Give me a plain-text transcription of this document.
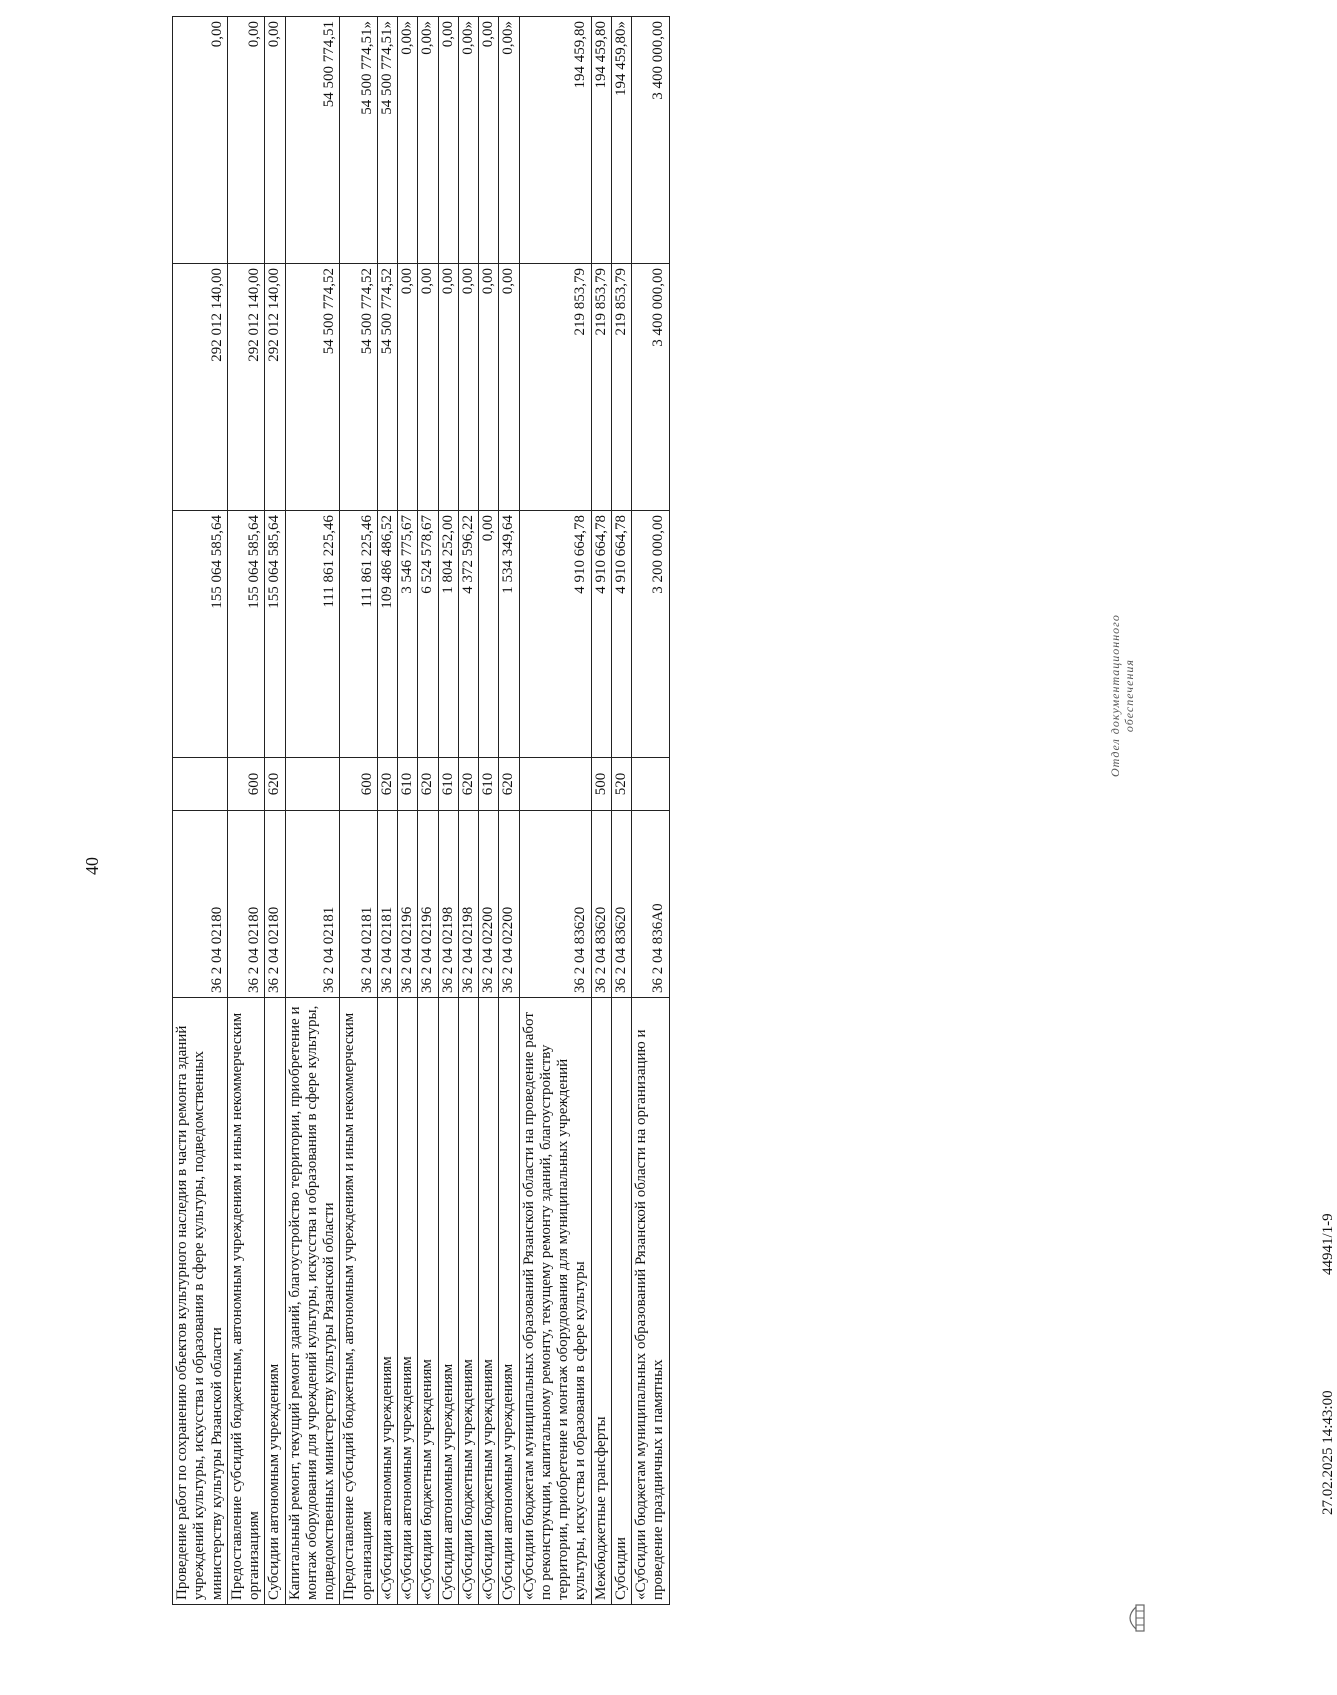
40
Проведение работ по сохранению объектов культурного наследия в части ремонта зданий учреждений культуры, искусства и образования в сфере культуры, подведомственных министерству культуры Рязанской области	36 2 04 02180		155 064 585,64	292 012 140,00	0,00
Предоставление субсидий бюджетным, автономным учреждениям и иным некоммерческим организациям	36 2 04 02180	600	155 064 585,64	292 012 140,00	0,00
Субсидии автономным учреждениям	36 2 04 02180	620	155 064 585,64	292 012 140,00	0,00
Капитальный ремонт, текущий ремонт зданий, благоустройство территории, приобретение и монтаж оборудования для учреждений культуры, искусства и образования в сфере культуры, подведомственных министерству культуры Рязанской области	36 2 04 02181		111 861 225,46	54 500 774,52	54 500 774,51
Предоставление субсидий бюджетным, автономным учреждениям и иным некоммерческим организациям	36 2 04 02181	600	111 861 225,46	54 500 774,52	54 500 774,51»
«Субсидии автономным учреждениям	36 2 04 02181	620	109 486 486,52	54 500 774,52	54 500 774,51»
«Субсидии автономным учреждениям	36 2 04 02196	610	3 546 775,67	0,00	0,00»
«Субсидии бюджетным учреждениям	36 2 04 02196	620	6 524 578,67	0,00	0,00»
Субсидии автономным учреждениям	36 2 04 02198	610	1 804 252,00	0,00	0,00
«Субсидии бюджетным учреждениям	36 2 04 02198	620	4 372 596,22	0,00	0,00»
«Субсидии бюджетным учреждениям	36 2 04 02200	610	0,00	0,00	0,00
Субсидии автономным учреждениям	36 2 04 02200	620	1 534 349,64	0,00	0,00»
«Субсидии бюджетам муниципальных образований Рязанской области на проведение работ по реконструкции, капитальному ремонту, текущему ремонту зданий, благоустройству территории, приобретение и монтаж оборудования для муниципальных учреждений культуры, искусства и образования в сфере культуры	36 2 04 83620		4 910 664,78	219 853,79	194 459,80
Межбюджетные трансферты	36 2 04 83620	500	4 910 664,78	219 853,79	194 459,80
Субсидии	36 2 04 83620	520	4 910 664,78	219 853,79	194 459,80»
«Субсидии бюджетам муниципальных образований Рязанской области на организацию и проведение праздничных и памятных	36 2 04 836А0		3 200 000,00	3 400 000,00	3 400 000,00
27.02.2025 14:43:00
44941/1-9
Отдел документационного обеспечения
